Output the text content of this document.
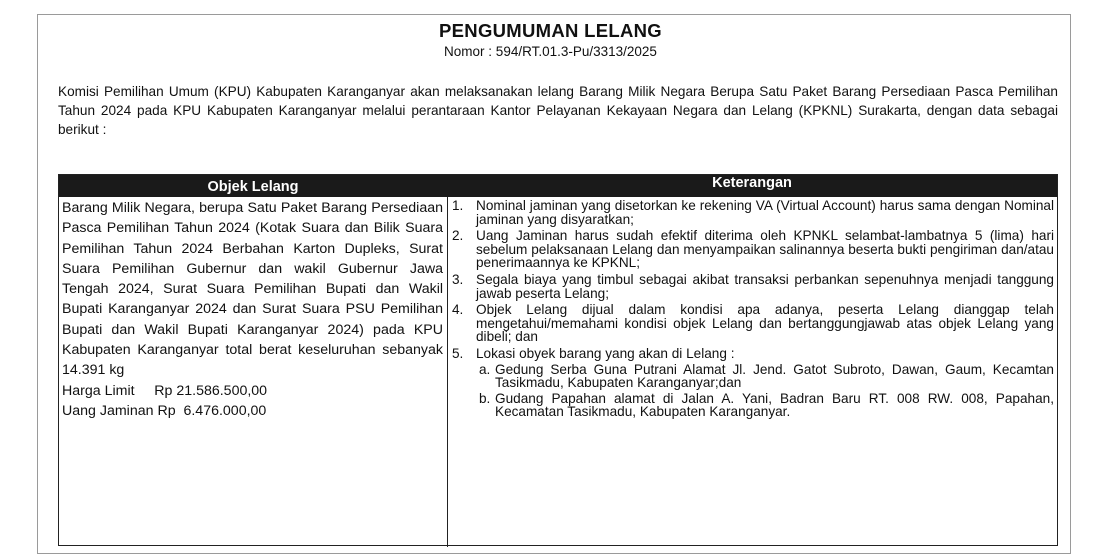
PENGUMUMAN LELANG
Nomor : 594/RT.01.3-Pu/3313/2025

Komisi Pemilihan Umum (KPU) Kabupaten Karanganyar akan melaksanakan lelang Barang Milik Negara Berupa Satu Paket Barang Persediaan Pasca Pemilihan Tahun 2024 pada KPU Kabupaten Karanganyar melalui perantaraan Kantor Pelayanan Kekayaan Negara dan Lelang (KPKNL) Surakarta, dengan data sebagai berikut :

Objek Lelang	Keterangan

Barang Milik Negara, berupa Satu Paket Barang Persediaan Pasca Pemilihan Tahun 2024 (Kotak Suara dan Bilik Suara Pemilihan Tahun 2024 Berbahan Karton Dupleks, Surat Suara Pemilihan Gubernur dan wakil Gubernur Jawa Tengah 2024, Surat Suara Pemilihan Bupati dan Wakil Bupati Karanganyar 2024 dan Surat Suara PSU Pemilihan Bupati dan Wakil Bupati Karanganyar 2024) pada KPU Kabupaten Karanganyar total berat keseluruhan sebanyak 14.391 kg

Harga Limit Rp 21.586.500,00

Uang Jaminan Rp  6.476.000,00

1. Nominal jaminan yang disetorkan ke rekening VA (Virtual Account) harus sama dengan Nominal jaminan yang disyaratkan;
2. Uang Jaminan harus sudah efektif diterima oleh KPNKL selambat-lambatnya 5 (lima) hari sebelum pelaksanaan Lelang dan menyampaikan salinannya beserta bukti pengiriman dan/atau penerimaannya ke KPKNL;
3. Segala biaya yang timbul sebagai akibat transaksi perbankan sepenuhnya menjadi tanggung jawab peserta Lelang;
4. Objek Lelang dijual dalam kondisi apa adanya, peserta Lelang dianggap telah mengetahui/memahami kondisi objek Lelang dan bertanggungjawab atas objek Lelang yang dibeli; dan
5. Lokasi obyek barang yang akan di Lelang :
a. Gedung Serba Guna Putrani Alamat Jl. Jend. Gatot Subroto, Dawan, Gaum, Kecamtan Tasikmadu, Kabupaten Karanganyar;dan
b. Gudang Papahan alamat di Jalan A. Yani, Badran Baru RT. 008 RW. 008, Papahan, Kecamatan Tasikmadu, Kabupaten Karanganyar.
